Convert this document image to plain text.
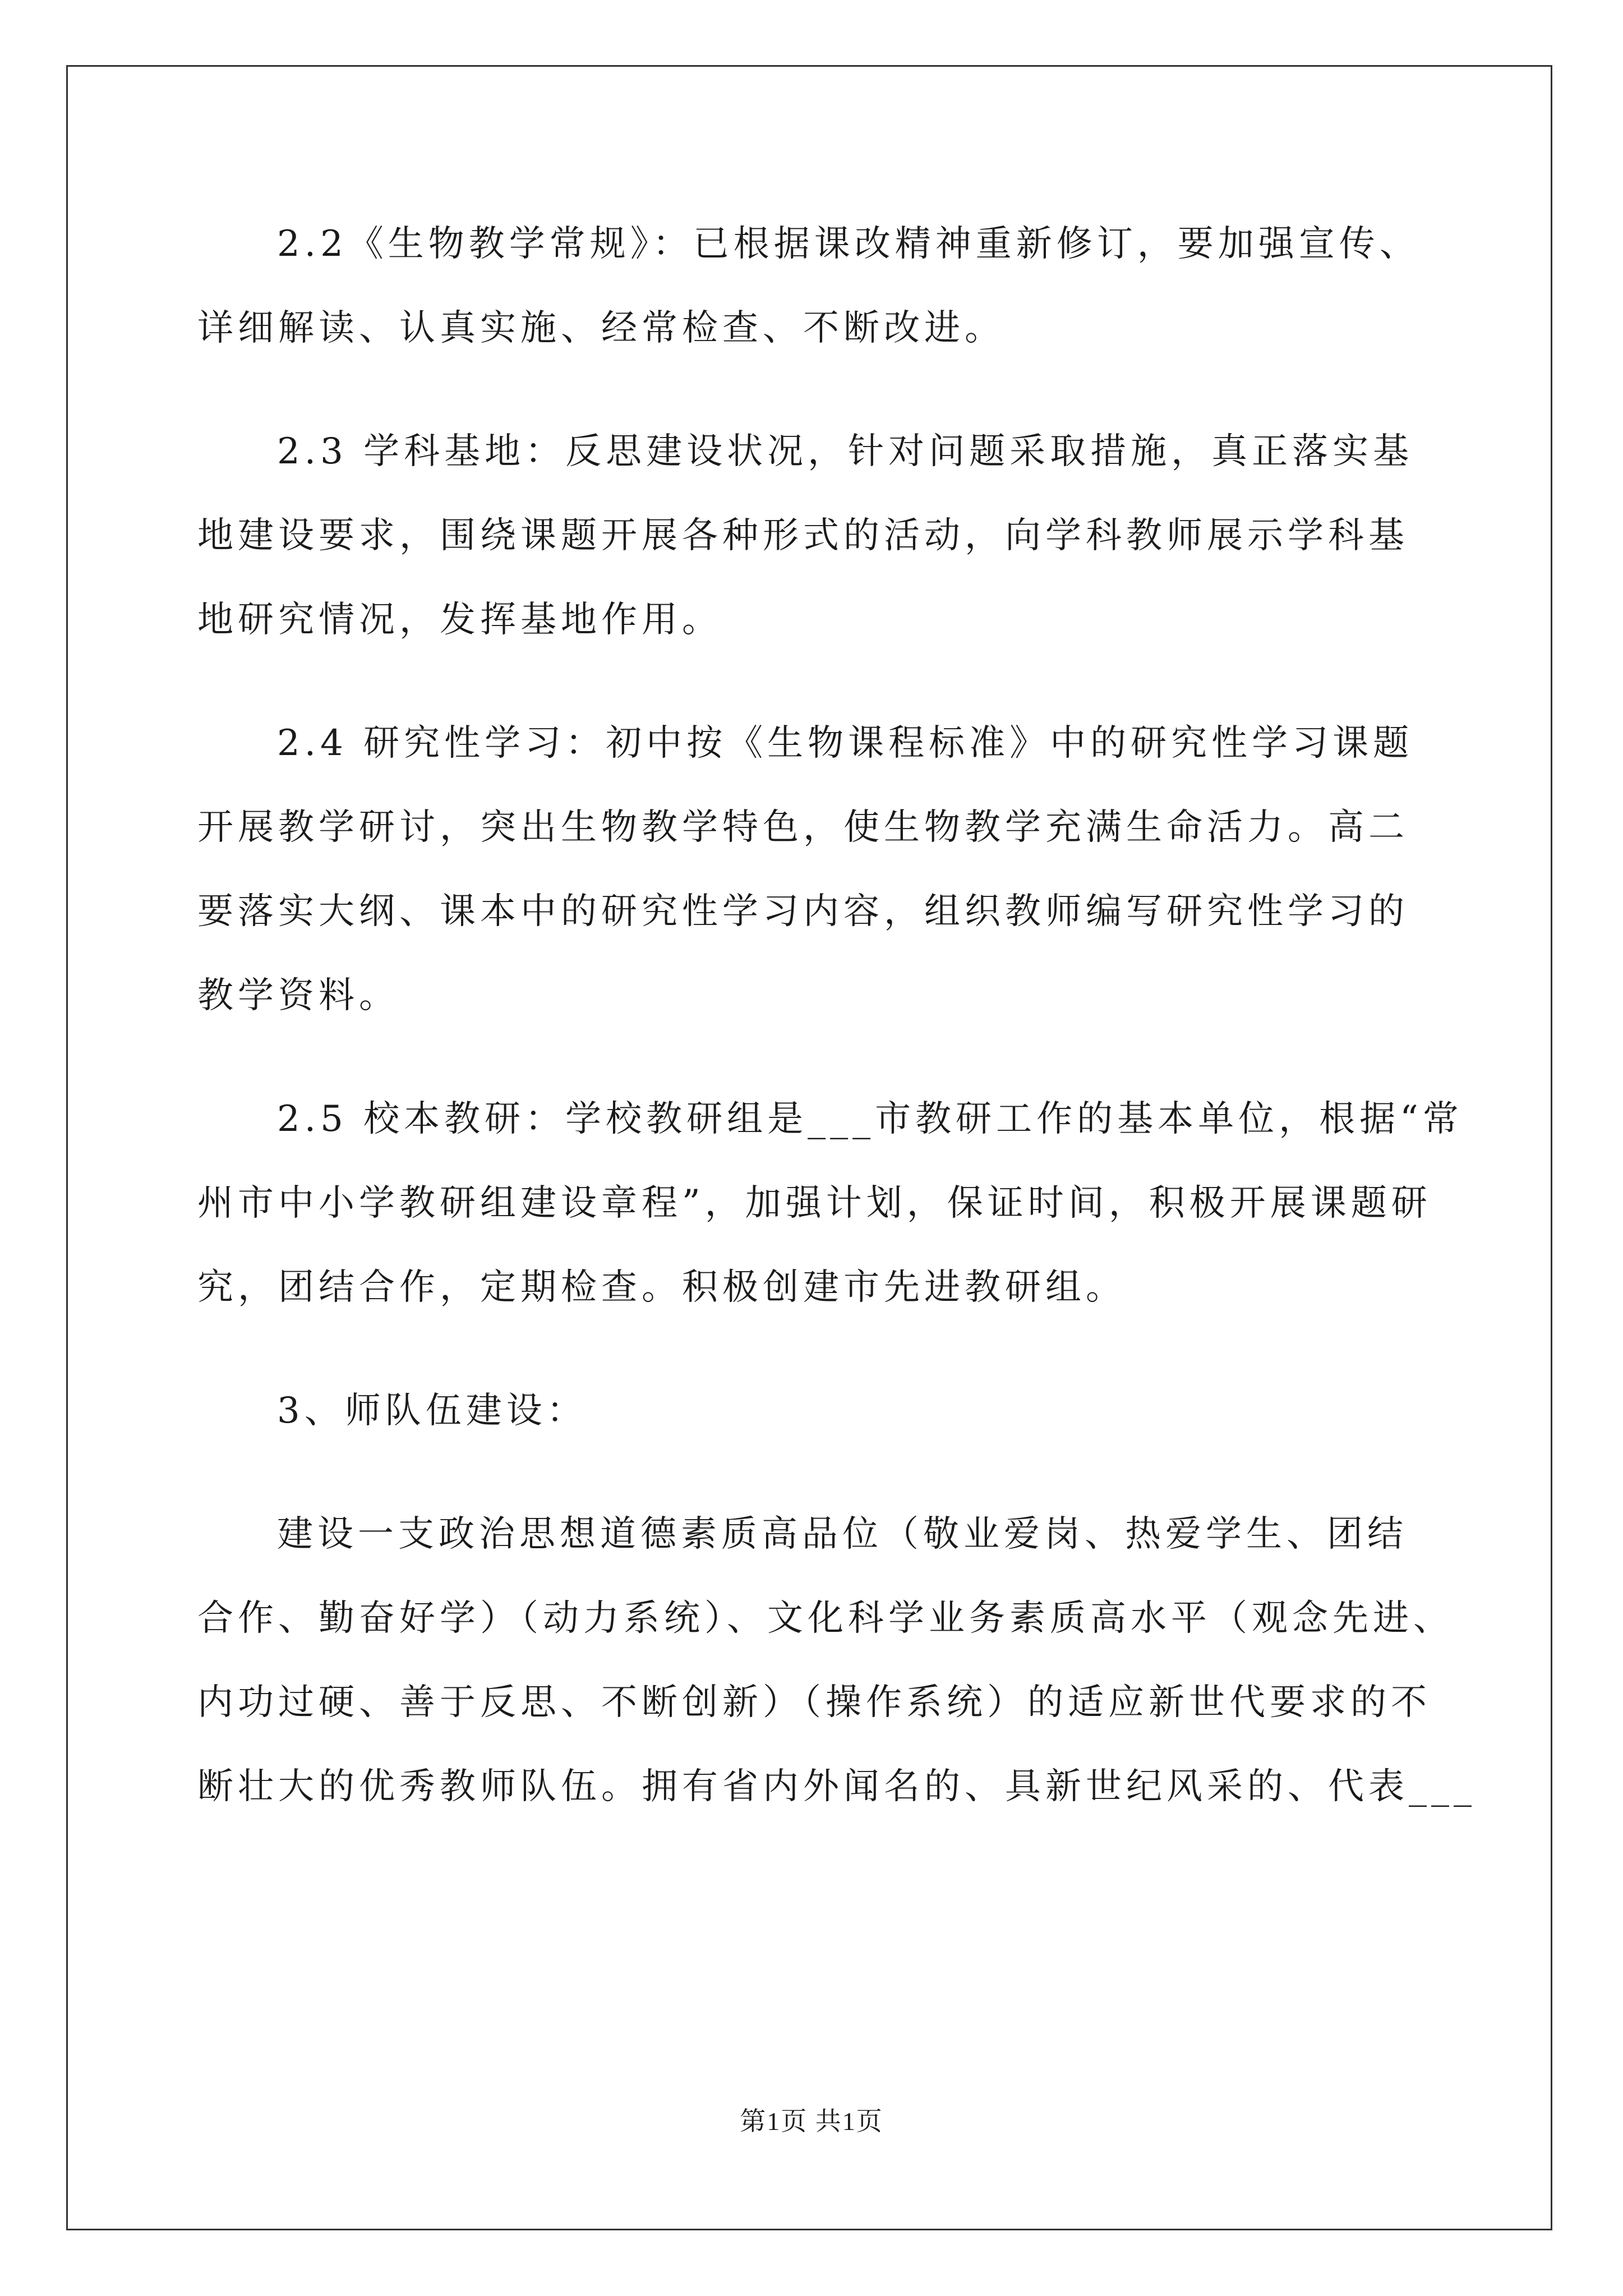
2.2《生物教学常规》：已根据课改精神重新修订，要加强宣传、
详细解读、认真实施、经常检查、不断改进。
2.3 学科基地：反思建设状况，针对问题采取措施，真正落实基
地建设要求，围绕课题开展各种形式的活动，向学科教师展示学科基
地研究情况，发挥基地作用。
2.4 研究性学习：初中按《生物课程标准》中的研究性学习课题
开展教学研讨，突出生物教学特色，使生物教学充满生命活力。高二
要落实大纲、课本中的研究性学习内容，组织教师编写研究性学习的
教学资料。
2.5 校本教研：学校教研组是___市教研工作的基本单位，根据“常
州市中小学教研组建设章程”，加强计划，保证时间，积极开展课题研
究，团结合作，定期检查。积极创建市先进教研组。
3、师队伍建设：
建设一支政治思想道德素质高品位（敬业爱岗、热爱学生、团结
合作、勤奋好学）（动力系统）、文化科学业务素质高水平（观念先进、
内功过硬、善于反思、不断创新）（操作系统）的适应新世代要求的不
断壮大的优秀教师队伍。拥有省内外闻名的、具新世纪风采的、代表___
第1页 共1页
